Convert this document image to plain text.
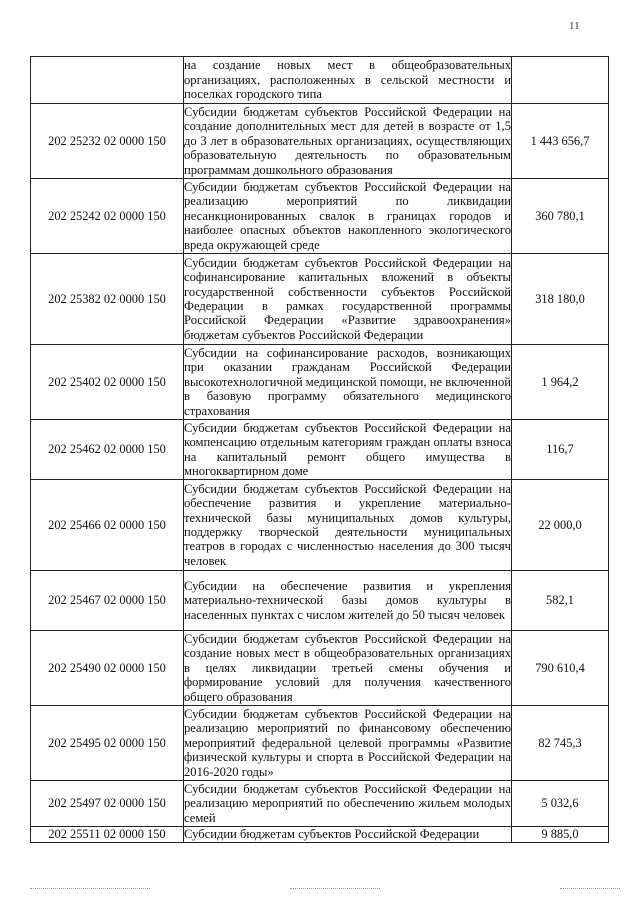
11
	на создание новых мест в общеобразовательных организациях, расположенных в сельской местности и поселках городского типа	
202 25232 02 0000 150	Субсидии бюджетам субъектов Российской Федерации на создание дополнительных мест для детей в возрасте от 1,5 до 3 лет в образовательных организациях, осуществляющих образовательную деятельность по образовательным программам дошкольного образования	1 443 656,7
202 25242 02 0000 150	Субсидии бюджетам субъектов Российской Федерации на реализацию мероприятий по ликвидации несанкционированных свалок в границах городов и наиболее опасных объектов накопленного экологического вреда окружающей среде	360 780,1
202 25382 02 0000 150	Субсидии бюджетам субъектов Российской Федерации на софинансирование капитальных вложений в объекты государственной собственности субъектов Российской Федерации в рамках государственной программы Российской Федерации «Развитие здравоохранения» бюджетам субъектов Российской Федерации	318 180,0
202 25402 02 0000 150	Субсидии на софинансирование расходов, возникающих при оказании гражданам Российской Федерации высокотехнологичной медицинской помощи, не включенной в базовую программу обязательного медицинского страхования	1 964,2
202 25462 02 0000 150	Субсидии бюджетам субъектов Российской Федерации на компенсацию отдельным категориям граждан оплаты взноса на капитальный ремонт общего имущества в многоквартирном доме	116,7
202 25466 02 0000 150	Субсидии бюджетам субъектов Российской Федерации на обеспечение развития и укрепление материально-технической базы муниципальных домов культуры, поддержку творческой деятельности муниципальных театров в городах с численностью населения до 300 тысяч человек	22 000,0
202 25467 02 0000 150	Субсидии на обеспечение развития и укрепления материально-технической базы домов культуры в населенных пунктах с числом жителей до 50 тысяч человек	582,1
202 25490 02 0000 150	Субсидии бюджетам субъектов Российской Федерации на создание новых мест в общеобразовательных организациях в целях ликвидации третьей смены обучения и формирование условий для получения качественного общего образования	790 610,4
202 25495 02 0000 150	Субсидии бюджетам субъектов Российской Федерации на реализацию мероприятий по финансовому обеспечению мероприятий федеральной целевой программы «Развитие физической культуры и спорта в Российской Федерации на 2016-2020 годы»	82 745,3
202 25497 02 0000 150	Субсидии бюджетам субъектов Российской Федерации на реализацию мероприятий по обеспечению жильем молодых семей	5 032,6
202 25511 02 0000 150	Субсидии бюджетам субъектов Российской Федерации	9 885,0
